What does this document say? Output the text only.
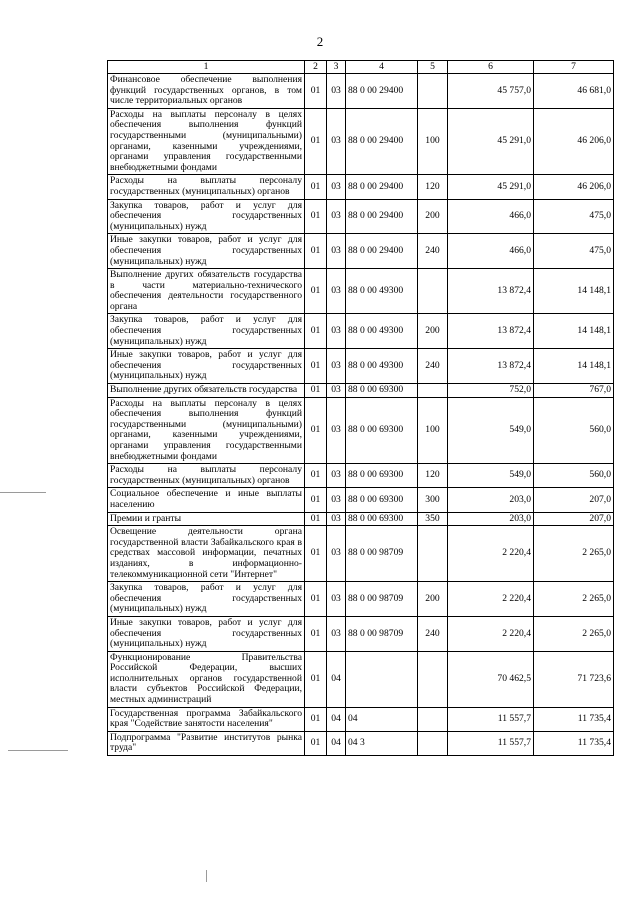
2
1	2	3	4	5	6	7
Финансовое обеспечение выполнения функций государственных органов, в том числе территориальных органов	01	03	88 0 00 29400		45 757,0	46 681,0
Расходы на выплаты персоналу в целях обеспечения выполнения функций государственными (муниципальными) органами, казенными учреждениями, органами управления государственными внебюджетными фондами	01	03	88 0 00 29400	100	45 291,0	46 206,0
Расходы на выплаты персоналу государственных (муниципальных) органов	01	03	88 0 00 29400	120	45 291,0	46 206,0
Закупка товаров, работ и услуг для обеспечения государственных (муниципальных) нужд	01	03	88 0 00 29400	200	466,0	475,0
Иные закупки товаров, работ и услуг для обеспечения государственных (муниципальных) нужд	01	03	88 0 00 29400	240	466,0	475,0
Выполнение других обязательств государства в части материально-технического обеспечения деятельности государственного органа	01	03	88 0 00 49300		13 872,4	14 148,1
Закупка товаров, работ и услуг для обеспечения государственных (муниципальных) нужд	01	03	88 0 00 49300	200	13 872,4	14 148,1
Иные закупки товаров, работ и услуг для обеспечения государственных (муниципальных) нужд	01	03	88 0 00 49300	240	13 872,4	14 148,1
Выполнение других обязательств государства	01	03	88 0 00 69300		752,0	767,0
Расходы на выплаты персоналу в целях обеспечения выполнения функций государственными (муниципальными) органами, казенными учреждениями, органами управления государственными внебюджетными фондами	01	03	88 0 00 69300	100	549,0	560,0
Расходы на выплаты персоналу государственных (муниципальных) органов	01	03	88 0 00 69300	120	549,0	560,0
Социальное обеспечение и иные выплаты населению	01	03	88 0 00 69300	300	203,0	207,0
Премии и гранты	01	03	88 0 00 69300	350	203,0	207,0
Освещение деятельности органа государственной власти Забайкальского края в средствах массовой информации, печатных изданиях, в информационно-телекоммуникационной сети "Интернет"	01	03	88 0 00 98709		2 220,4	2 265,0
Закупка товаров, работ и услуг для обеспечения государственных (муниципальных) нужд	01	03	88 0 00 98709	200	2 220,4	2 265,0
Иные закупки товаров, работ и услуг для обеспечения государственных (муниципальных) нужд	01	03	88 0 00 98709	240	2 220,4	2 265,0
Функционирование Правительства Российской Федерации, высших исполнительных органов государственной власти субъектов Российской Федерации, местных администраций	01	04			70 462,5	71 723,6
Государственная программа Забайкальского края "Содействие занятости населения"	01	04	04		11 557,7	11 735,4
Подпрограмма "Развитие институтов рынка труда"	01	04	04 3		11 557,7	11 735,4
